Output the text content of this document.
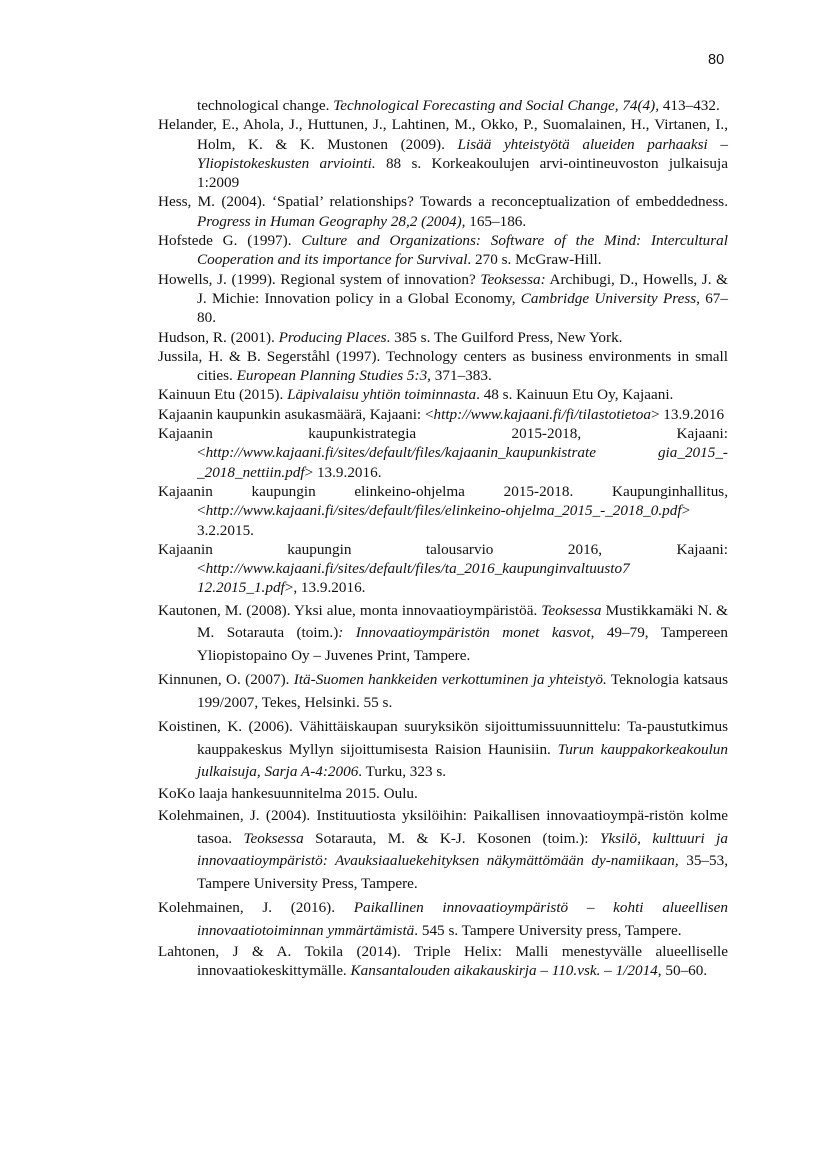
80

technological change. Technological Forecasting and Social Change, 74(4), 413–432.

Helander, E., Ahola, J., Huttunen, J., Lahtinen, M., Okko, P., Suomalainen, H., Virtanen, I., Holm, K. & K. Mustonen (2009). Lisää yhteistyötä alueiden parhaaksi – Yliopistokeskusten arviointi. 88 s. Korkeakoulujen arvi-ointineuvoston julkaisuja 1:2009

Hess, M. (2004). ‘Spatial’ relationships? Towards a reconceptualization of embeddedness. Progress in Human Geography 28,2 (2004), 165–186.

Hofstede G. (1997). Culture and Organizations: Software of the Mind: Intercultural Cooperation and its importance for Survival. 270 s. McGraw-Hill.

Howells, J. (1999). Regional system of innovation? Teoksessa: Archibugi, D., Howells, J. & J. Michie: Innovation policy in a Global Economy, Cambridge University Press, 67–80.

Hudson, R. (2001). Producing Places. 385 s. The Guilford Press, New York.

Jussila, H. & B. Segerståhl (1997). Technology centers as business environments in small cities. European Planning Studies 5:3, 371–383.

Kainuun Etu (2015). Läpivalaisu yhtiön toiminnasta. 48 s. Kainuun Etu Oy, Kajaani.

Kajaanin kaupunkin asukasmäärä, Kajaani: <http://www.kajaani.fi/fi/tilastotietoa> 13.9.2016

Kajaanin kaupunkistrategia 2015-2018, Kajaani: <http://www.kajaani.fi/sites/default/files/kajaanin_kaupunkistrate gia_2015_-_2018_nettiin.pdf> 13.9.2016.

Kajaanin kaupungin elinkeino-ohjelma 2015-2018. Kaupunginhallitus, <http://www.kajaani.fi/sites/default/files/elinkeino-ohjelma_2015_-_2018_0.pdf> 3.2.2015.

Kajaanin kaupungin talousarvio 2016, Kajaani: <http://www.kajaani.fi/sites/default/files/ta_2016_kaupunginvaltuusto7 12.2015_1.pdf>, 13.9.2016.

Kautonen, M. (2008). Yksi alue, monta innovaatioympäristöä. Teoksessa Mustikkamäki N. & M. Sotarauta (toim.): Innovaatioympäristön monet kasvot, 49–79, Tampereen Yliopistopaino Oy – Juvenes Print, Tampere.

Kinnunen, O. (2007). Itä-Suomen hankkeiden verkottuminen ja yhteistyö. Teknologia katsaus 199/2007, Tekes, Helsinki. 55 s.

Koistinen, K. (2006). Vähittäiskaupan suuryksikön sijoittumissuunnittelu: Ta-paustutkimus kauppakeskus Myllyn sijoittumisesta Raision Haunisiin. Turun kauppakorkeakoulun julkaisuja, Sarja A-4:2006. Turku, 323 s.

KoKo laaja hankesuunnitelma 2015. Oulu.

Kolehmainen, J. (2004). Instituutiosta yksilöihin: Paikallisen innovaatioympä-ristön kolme tasoa. Teoksessa Sotarauta, M. & K-J. Kosonen (toim.): Yksilö, kulttuuri ja innovaatioympäristö: Avauksiaaluekehityksen näkymättömään dy-namiikaan, 35–53, Tampere University Press, Tampere.

Kolehmainen, J. (2016). Paikallinen innovaatioympäristö – kohti alueellisen innovaatiotoiminnan ymmärtämistä. 545 s. Tampere University press, Tampere.

Lahtonen, J & A. Tokila (2014). Triple Helix: Malli menestyvälle alueelliselle innovaatiokeskittymälle. Kansantalouden aikakauskirja – 110.vsk. – 1/2014, 50–60.
